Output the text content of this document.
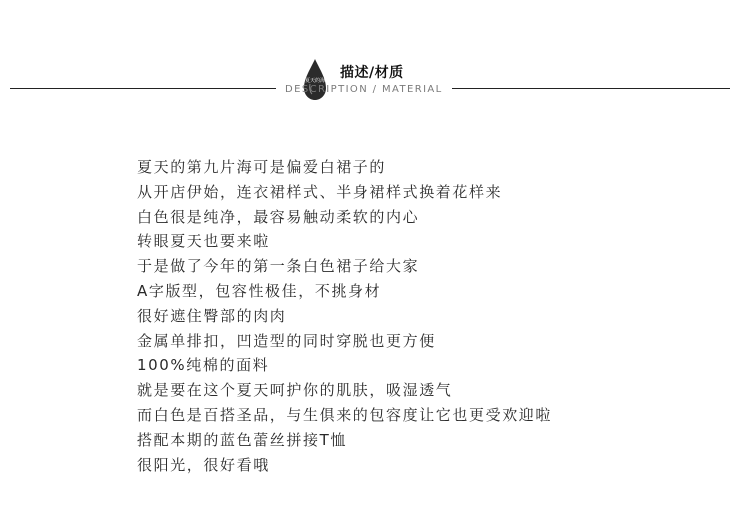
夏天的海 描述/材质
DESCRIPTION / MATERIAL
夏天的第九片海可是偏爱白裙子的
从开店伊始，连衣裙样式、半身裙样式换着花样来
白色很是纯净，最容易触动柔软的内心
转眼夏天也要来啦
于是做了今年的第一条白色裙子给大家
A字版型，包容性极佳，不挑身材
很好遮住臀部的肉肉
金属单排扣，凹造型的同时穿脱也更方便
100%纯棉的面料
就是要在这个夏天呵护你的肌肤，吸湿透气
而白色是百搭圣品，与生俱来的包容度让它也更受欢迎啦
搭配本期的蓝色蕾丝拼接T恤
很阳光，很好看哦
